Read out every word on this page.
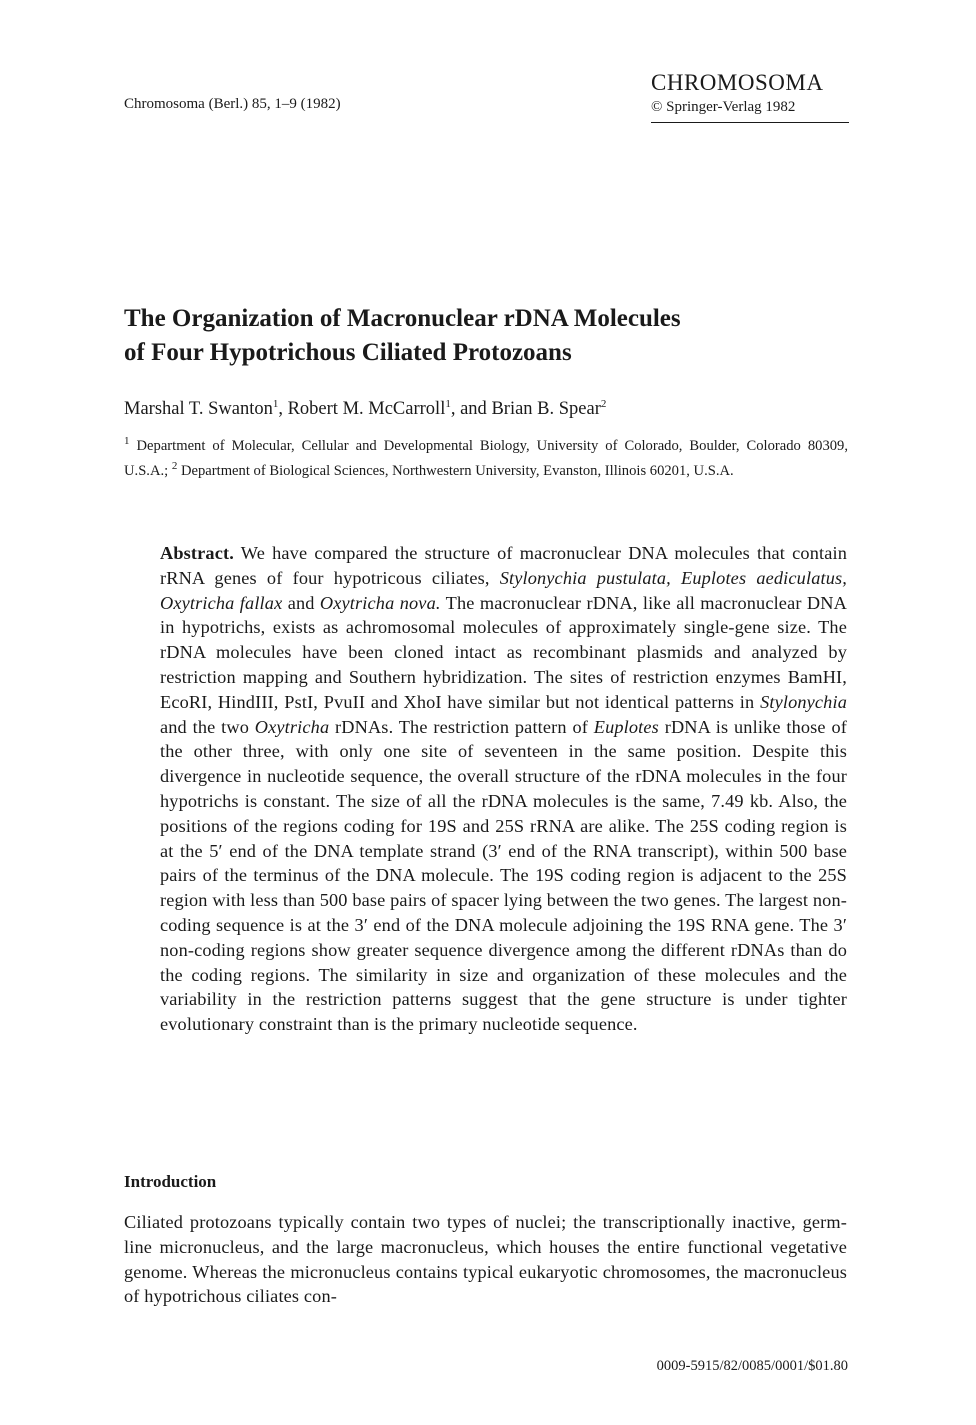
Chromosoma (Berl.) 85, 1–9 (1982)
CHROMOSOMA
© Springer-Verlag 1982
The Organization of Macronuclear rDNA Molecules
of Four Hypotrichous Ciliated Protozoans
Marshal T. Swanton$^1$, Robert M. McCarroll$^1$, and Brian B. Spear$^2$
$^1$ Department of Molecular, Cellular and Developmental Biology, University of Colorado, Boulder, Colorado 80309, U.S.A.; $^2$ Department of Biological Sciences, Northwestern University, Evanston, Illinois 60201, U.S.A.
Abstract. We have compared the structure of macronuclear DNA molecules that contain rRNA genes of four hypotricous ciliates, Stylonychia pustulata, Euplotes aediculatus, Oxytricha fallax and Oxytricha nova. The macronuclear rDNA, like all macronuclear DNA in hypotrichs, exists as achromosomal molecules of approximately single-gene size. The rDNA molecules have been cloned intact as recombinant plasmids and analyzed by restriction mapping and Southern hybridization. The sites of restriction enzymes BamHI, EcoRI, HindIII, PstI, PvuII and XhoI have similar but not identical patterns in Stylonychia and the two Oxytricha rDNAs. The restriction pattern of Euplotes rDNA is unlike those of the other three, with only one site of seventeen in the same position. Despite this divergence in nucleotide sequence, the overall structure of the rDNA molecules in the four hypotrichs is constant. The size of all the rDNA molecules is the same, 7.49 kb. Also, the positions of the regions coding for 19S and 25S rRNA are alike. The 25S coding region is at the 5′ end of the DNA template strand (3′ end of the RNA transcript), within 500 base pairs of the terminus of the DNA molecule. The 19S coding region is adjacent to the 25S region with less than 500 base pairs of spacer lying between the two genes. The largest non-coding sequence is at the 3′ end of the DNA molecule adjoining the 19S RNA gene. The 3′ non-coding regions show greater sequence divergence among the different rDNAs than do the coding regions. The similarity in size and organization of these molecules and the variability in the restriction patterns suggest that the gene structure is under tighter evolutionary constraint than is the primary nucleotide sequence.
Introduction
Ciliated protozoans typically contain two types of nuclei; the transcriptionally inactive, germ-line micronucleus, and the large macronucleus, which houses the entire functional vegetative genome. Whereas the micronucleus contains typical eukaryotic chromosomes, the macronucleus of hypotrichous ciliates con-
0009-5915/82/0085/0001/$01.80
